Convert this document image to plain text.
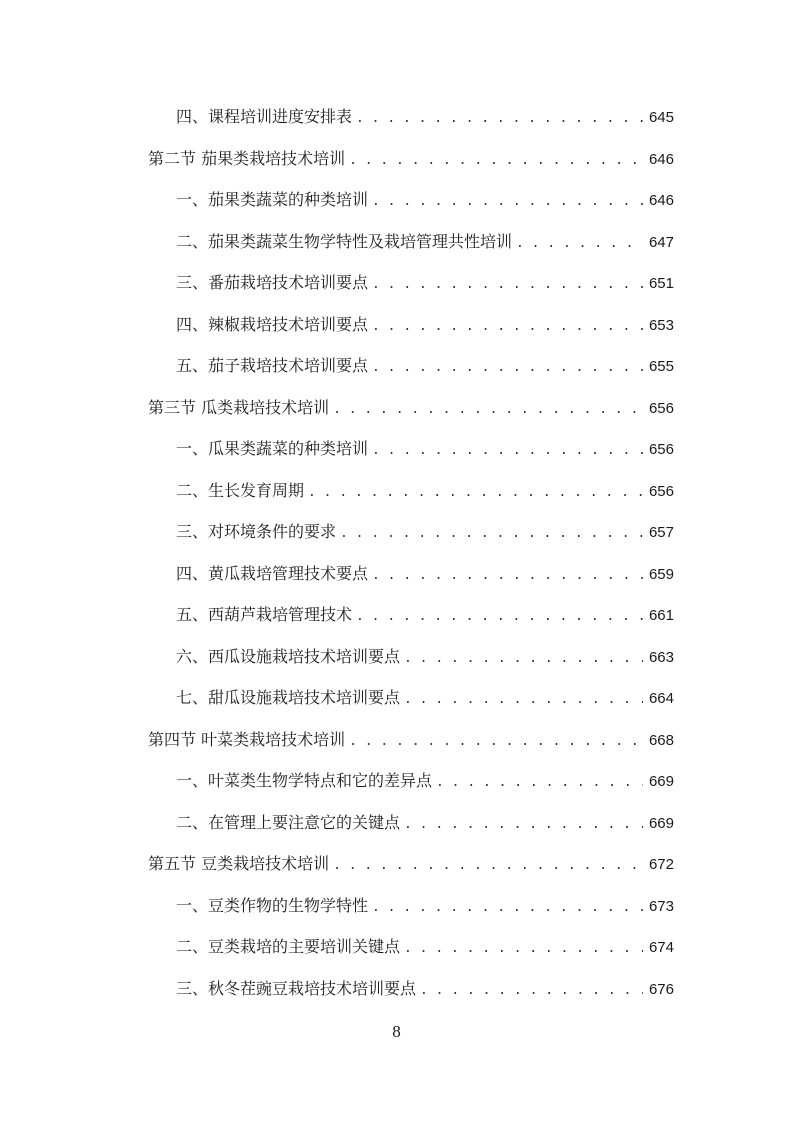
四、课程培训进度安排表 . . .	645
第二节 茄果类栽培技术培训 . . .	646
一、茄果类蔬菜的种类培训 . . .	646
二、茄果类蔬菜生物学特性及栽培管理共性培训 . . .	647
三、番茄栽培技术培训要点 . . .	651
四、辣椒栽培技术培训要点 . . .	653
五、茄子栽培技术培训要点 . . .	655
第三节 瓜类栽培技术培训 . . .	656
一、瓜果类蔬菜的种类培训 . . .	656
二、生长发育周期 . . .	656
三、对环境条件的要求 . . .	657
四、黄瓜栽培管理技术要点 . . .	659
五、西葫芦栽培管理技术 . . .	661
六、西瓜设施栽培技术培训要点 . . .	663
七、甜瓜设施栽培技术培训要点 . . .	664
第四节 叶菜类栽培技术培训 . . .	668
一、叶菜类生物学特点和它的差异点 . . .	669
二、在管理上要注意它的关键点 . . .	669
第五节 豆类栽培技术培训 . . .	672
一、豆类作物的生物学特性 . . .	673
二、豆类栽培的主要培训关键点 . . .	674
三、秋冬茬豌豆栽培技术培训要点 . . .	676
8
